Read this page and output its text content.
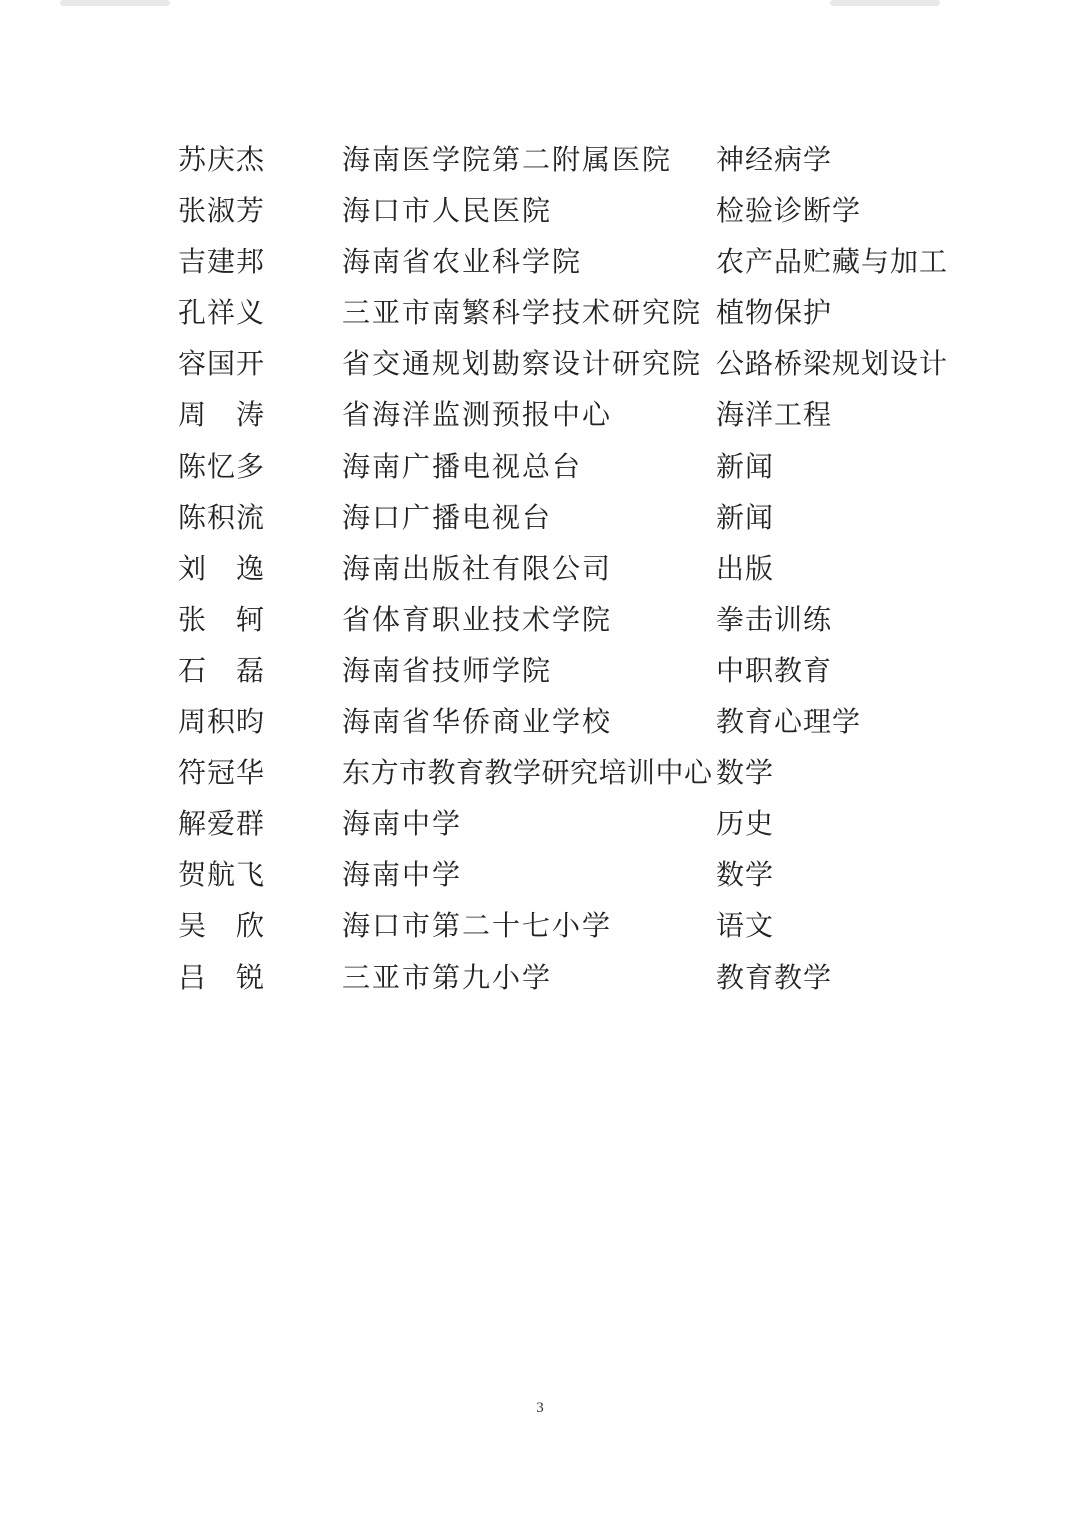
苏庆杰	海南医学院第二附属医院 神经病学
张淑芳	海口市人民医院	检验诊断学
吉建邦	海南省农业科学院	农产品贮藏与加工
孔祥义	三亚市南繁科学技术研究院 植物保护
容国开	省交通规划勘察设计研究院 公路桥梁规划设计
周　涛	省海洋监测预报中心	海洋工程
陈忆多	海南广播电视总台	新闻
陈积流	海口广播电视台	新闻
刘　逸	海南出版社有限公司	出版
张　轲	省体育职业技术学院	拳击训练
石　磊	海南省技师学院	中职教育
周积昀	海南省华侨商业学校	教育心理学
符冠华	东方市教育教学研究培训中心 数学
解爱群	海南中学	历史
贺航飞	海南中学	数学
吴　欣	海口市第二十七小学	语文
吕　锐	三亚市第九小学	教育教学
3
